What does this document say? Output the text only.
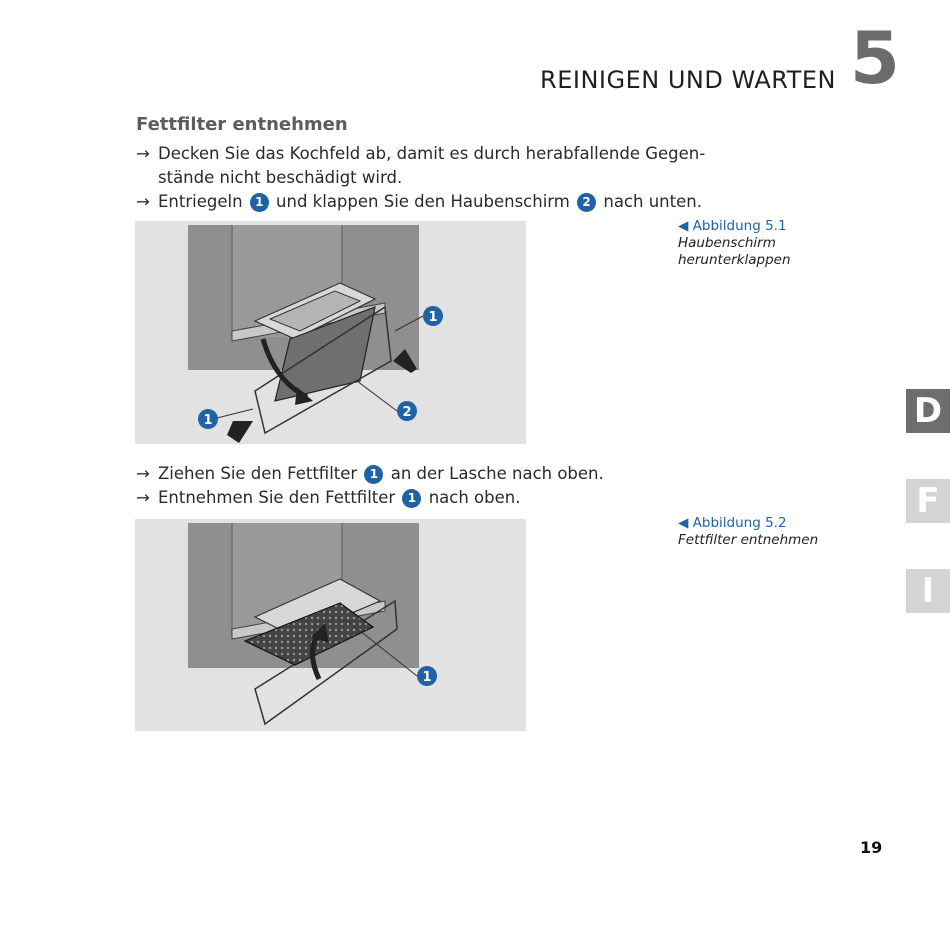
REINIGEN UND WARTEN 5
Fettfilter entnehmen
→ Decken Sie das Kochfeld ab, damit es durch herabfallende Gegen-
stände nicht beschädigt wird.
→ Entriegeln 1 und klappen Sie den Haubenschirm 2 nach unten.
1
1
2
◀ Abbildung 5.1
Haubenschirm
herunterklappen
→ Ziehen Sie den Fettfilter 1 an der Lasche nach oben.
→ Entnehmen Sie den Fettfilter 1 nach oben.
1
◀ Abbildung 5.2
Fettfilter entnehmen
D
F
I
19
